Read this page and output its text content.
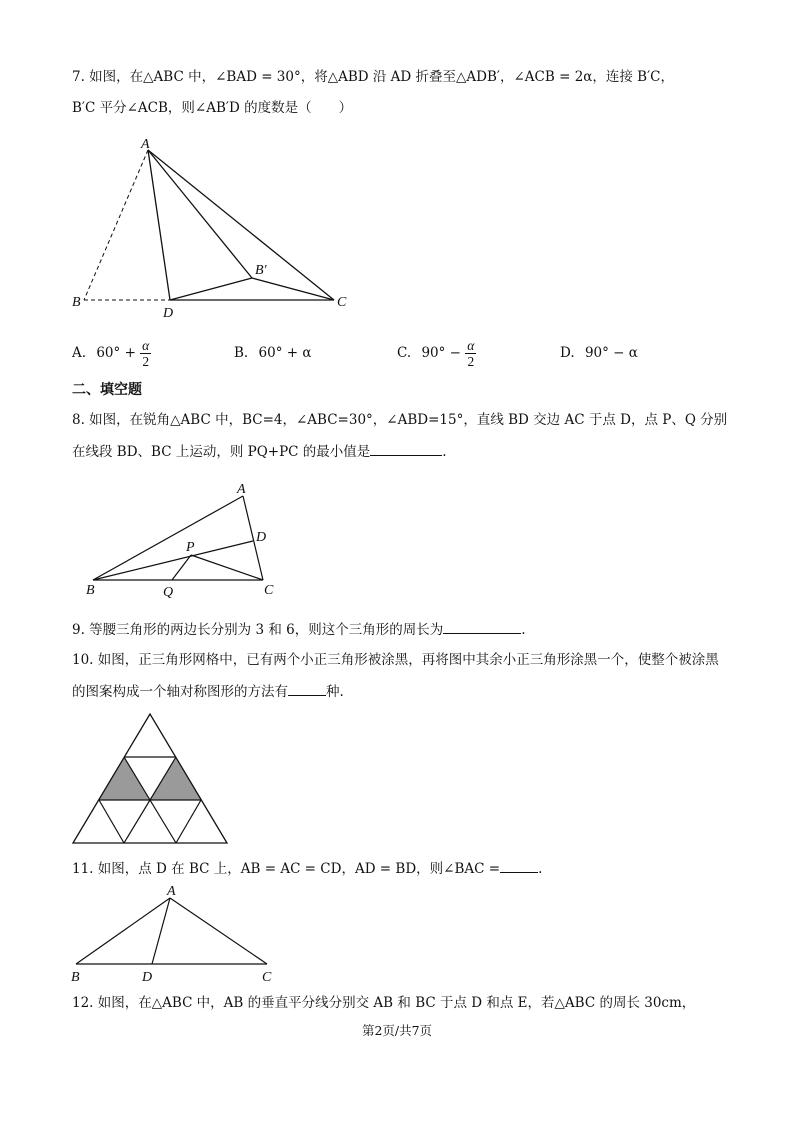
7. 如图，在△ABC 中，∠BAD = 30°，将△ABD 沿 AD 折叠至△ADB′，∠ACB = 2α，连接 B′C，
B′C 平分∠ACB，则∠AB′D 的度数是（　　）
A
B
D
C
B′
A. $60^\circ + \frac{\alpha}{2}$	B. 60° + α	C. $90^\circ - \frac{\alpha}{2}$	D. 90° − α
二、填空题
8. 如图，在锐角△ABC 中，BC=4，∠ABC=30°，∠ABD=15°，直线 BD 交边 AC 于点 D，点 P、Q 分别
在线段 BD、BC 上运动，则 PQ+PC 的最小值是	.
A
B	C
D
P
Q
9. 等腰三角形的两边长分别为 3 和 6，则这个三角形的周长为	.
10. 如图，正三角形网格中，已有两个小正三角形被涂黑，再将图中其余小正三角形涂黑一个，使整个被涂黑
的图案构成一个轴对称图形的方法有	种.
11. 如图，点 D 在 BC 上，AB = AC = CD，AD = BD，则∠BAC =	.
A
B	D	C
12. 如图，在△ABC 中，AB 的垂直平分线分别交 AB 和 BC 于点 D 和点 E，若△ABC 的周长 30cm，
第2页/共7页
